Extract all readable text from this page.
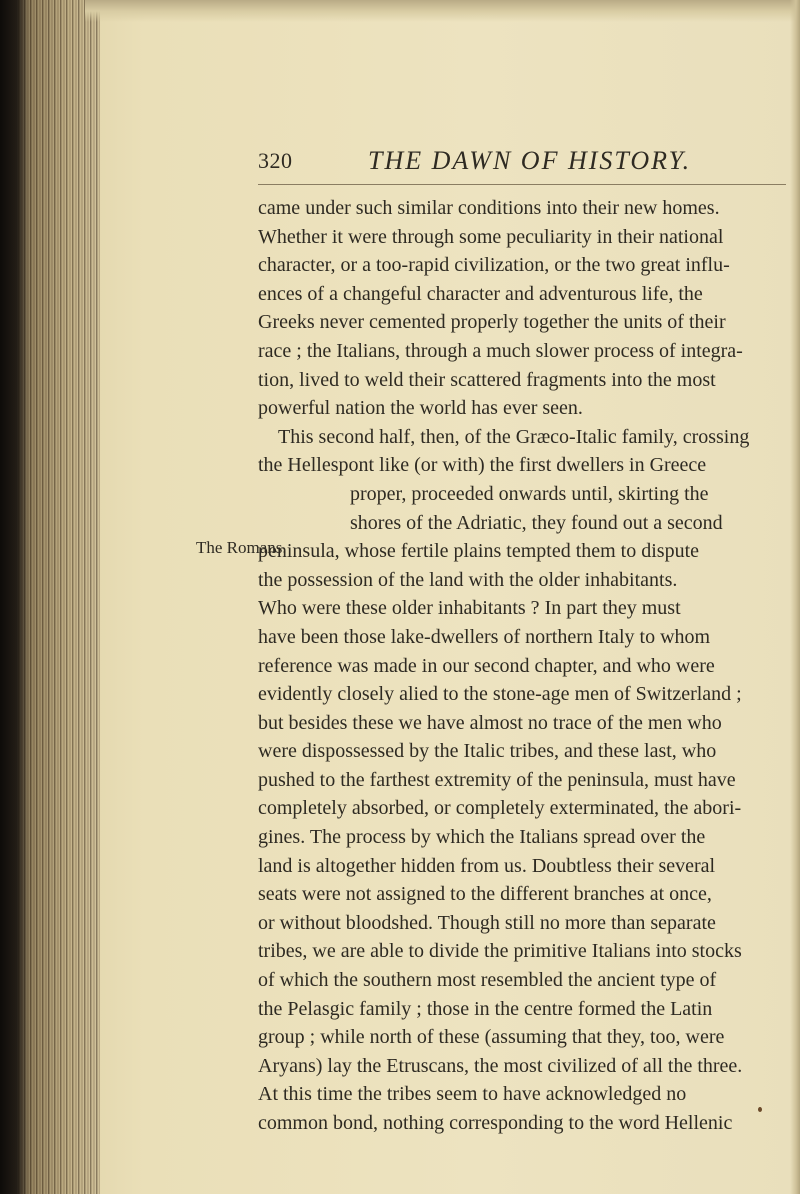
320	THE DAWN OF HISTORY.
The Romans.
came under such similar conditions into their new homes.
Whether it were through some peculiarity in their national
character, or a too-rapid civilization, or the two great influ-
ences of a changeful character and adventurous life, the
Greeks never cemented properly together the units of their
race ; the Italians, through a much slower process of integra-
tion, lived to weld their scattered fragments into the most
powerful nation the world has ever seen.
This second half, then, of the Græco-Italic family, crossing
the Hellespont like (or with) the first dwellers in Greece
proper, proceeded onwards until, skirting the
shores of the Adriatic, they found out a second
peninsula, whose fertile plains tempted them to dispute
the possession of the land with the older inhabitants.
Who were these older inhabitants ? In part they must
have been those lake-dwellers of northern Italy to whom
reference was made in our second chapter, and who were
evidently closely alied to the stone-age men of Switzerland ;
but besides these we have almost no trace of the men who
were dispossessed by the Italic tribes, and these last, who
pushed to the farthest extremity of the peninsula, must have
completely absorbed, or completely exterminated, the abori-
gines. The process by which the Italians spread over the
land is altogether hidden from us. Doubtless their several
seats were not assigned to the different branches at once,
or without bloodshed. Though still no more than separate
tribes, we are able to divide the primitive Italians into stocks
of which the southern most resembled the ancient type of
the Pelasgic family ; those in the centre formed the Latin
group ; while north of these (assuming that they, too, were
Aryans) lay the Etruscans, the most civilized of all the three.
At this time the tribes seem to have acknowledged no
common bond, nothing corresponding to the word Hellenic
